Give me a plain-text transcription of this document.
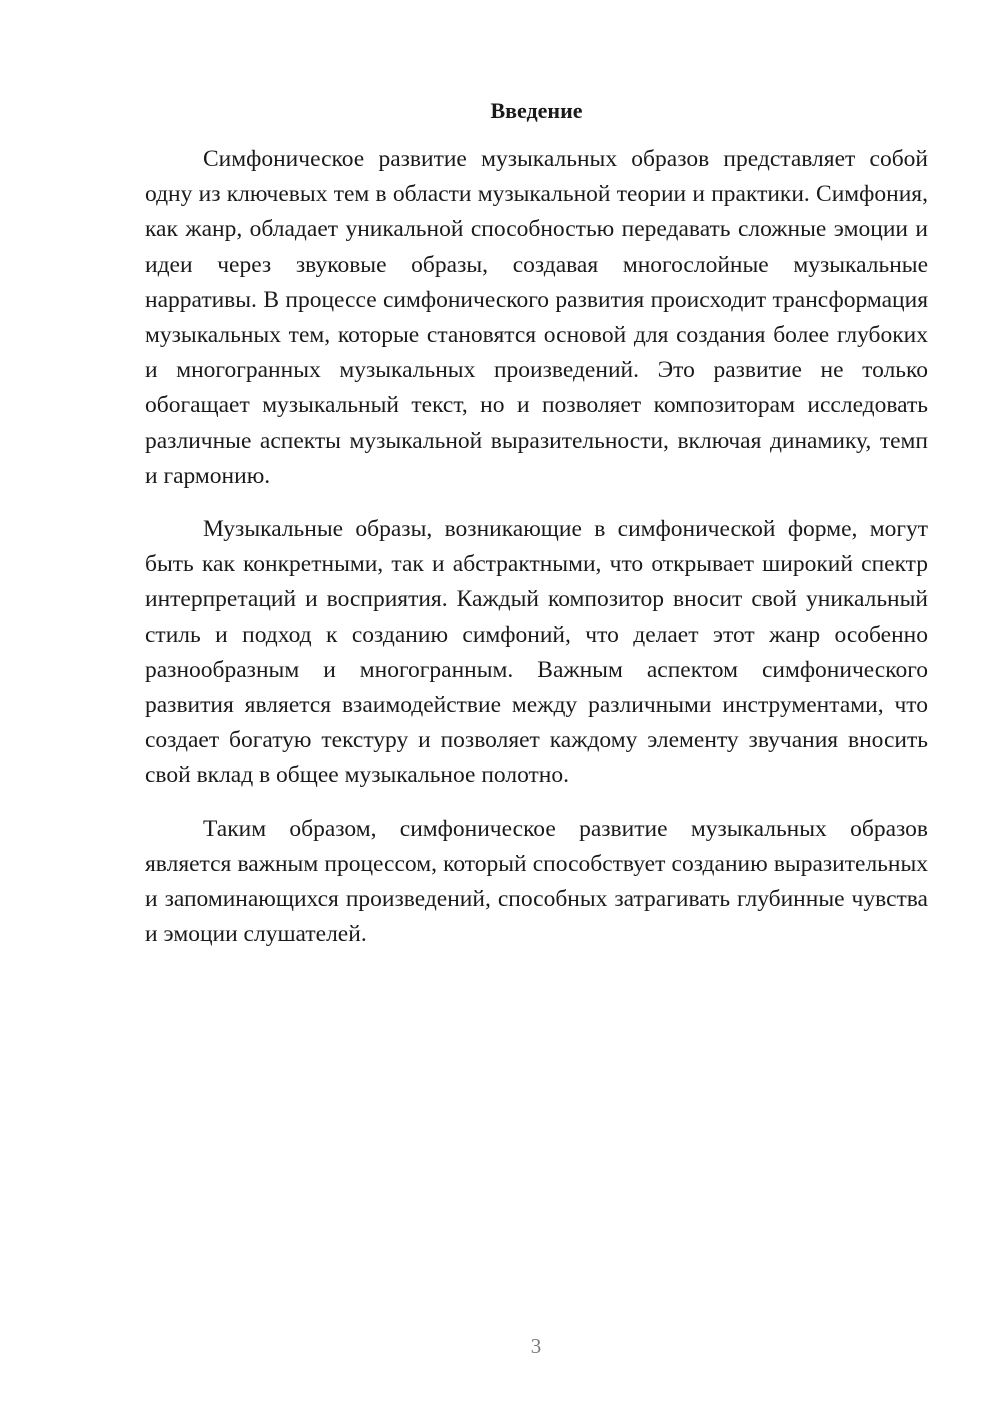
Введение

Симфоническое развитие музыкальных образов представляет собой одну из ключевых тем в области музыкальной теории и практики. Симфония, как жанр, обладает уникальной способностью передавать сложные эмоции и идеи через звуковые образы, создавая многослойные музыкальные нарративы. В процессе симфонического развития происходит трансформация музыкальных тем, которые становятся основой для создания более глубоких и многогранных музыкальных произведений. Это развитие не только обогащает музыкальный текст, но и позволяет композиторам исследовать различные аспекты музыкальной выразительности, включая динамику, темп и гармонию.

Музыкальные образы, возникающие в симфонической форме, могут быть как конкретными, так и абстрактными, что открывает широкий спектр интерпретаций и восприятия. Каждый композитор вносит свой уникальный стиль и подход к созданию симфоний, что делает этот жанр особенно разнообразным и многогранным. Важным аспектом симфонического развития является взаимодействие между различными инструментами, что создает богатую текстуру и позволяет каждому элементу звучания вносить свой вклад в общее музыкальное полотно.

Таким образом, симфоническое развитие музыкальных образов является важным процессом, который способствует созданию выразительных и запоминающихся произведений, способных затрагивать глубинные чувства и эмоции слушателей.

3
